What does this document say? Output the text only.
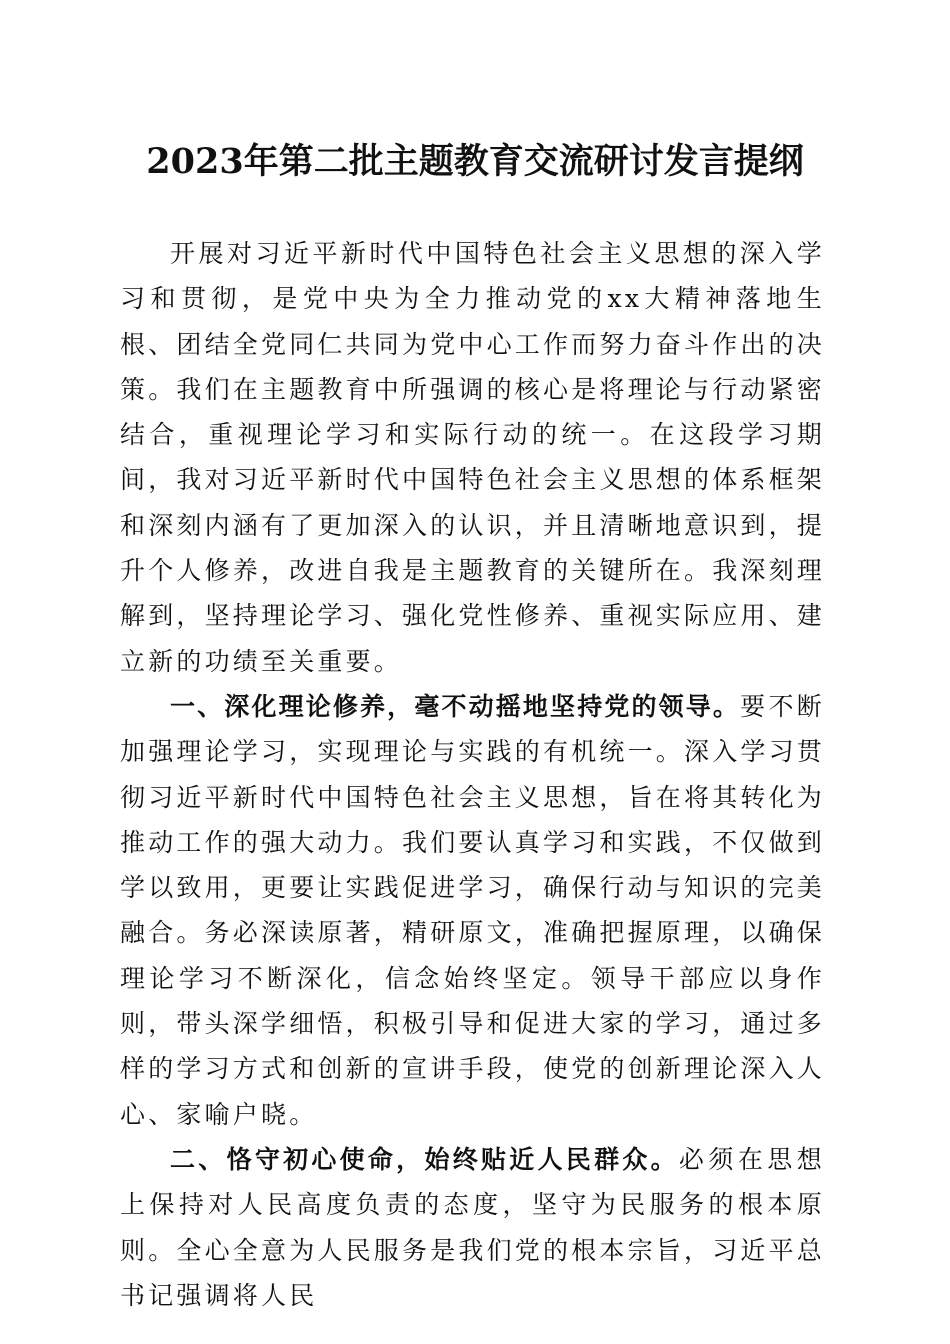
2023年第二批主题教育交流研讨发言提纲

开展对习近平新时代中国特色社会主义思想的深入学习和贯彻，是党中央为全力推动党的xx大精神落地生根、团结全党同仁共同为党中心工作而努力奋斗作出的决策。我们在主题教育中所强调的核心是将理论与行动紧密结合，重视理论学习和实际行动的统一。在这段学习期间，我对习近平新时代中国特色社会主义思想的体系框架和深刻内涵有了更加深入的认识，并且清晰地意识到，提升个人修养，改进自我是主题教育的关键所在。我深刻理解到，坚持理论学习、强化党性修养、重视实际应用、建立新的功绩至关重要。

一、深化理论修养，毫不动摇地坚持党的领导。要不断加强理论学习，实现理论与实践的有机统一。深入学习贯彻习近平新时代中国特色社会主义思想，旨在将其转化为推动工作的强大动力。我们要认真学习和实践，不仅做到学以致用，更要让实践促进学习，确保行动与知识的完美融合。务必深读原著，精研原文，准确把握原理，以确保理论学习不断深化，信念始终坚定。领导干部应以身作则，带头深学细悟，积极引导和促进大家的学习，通过多样的学习方式和创新的宣讲手段，使党的创新理论深入人心、家喻户晓。

二、恪守初心使命，始终贴近人民群众。必须在思想上保持对人民高度负责的态度，坚守为民服务的根本原则。全心全意为人民服务是我们党的根本宗旨，习近平总书记强调将人民
